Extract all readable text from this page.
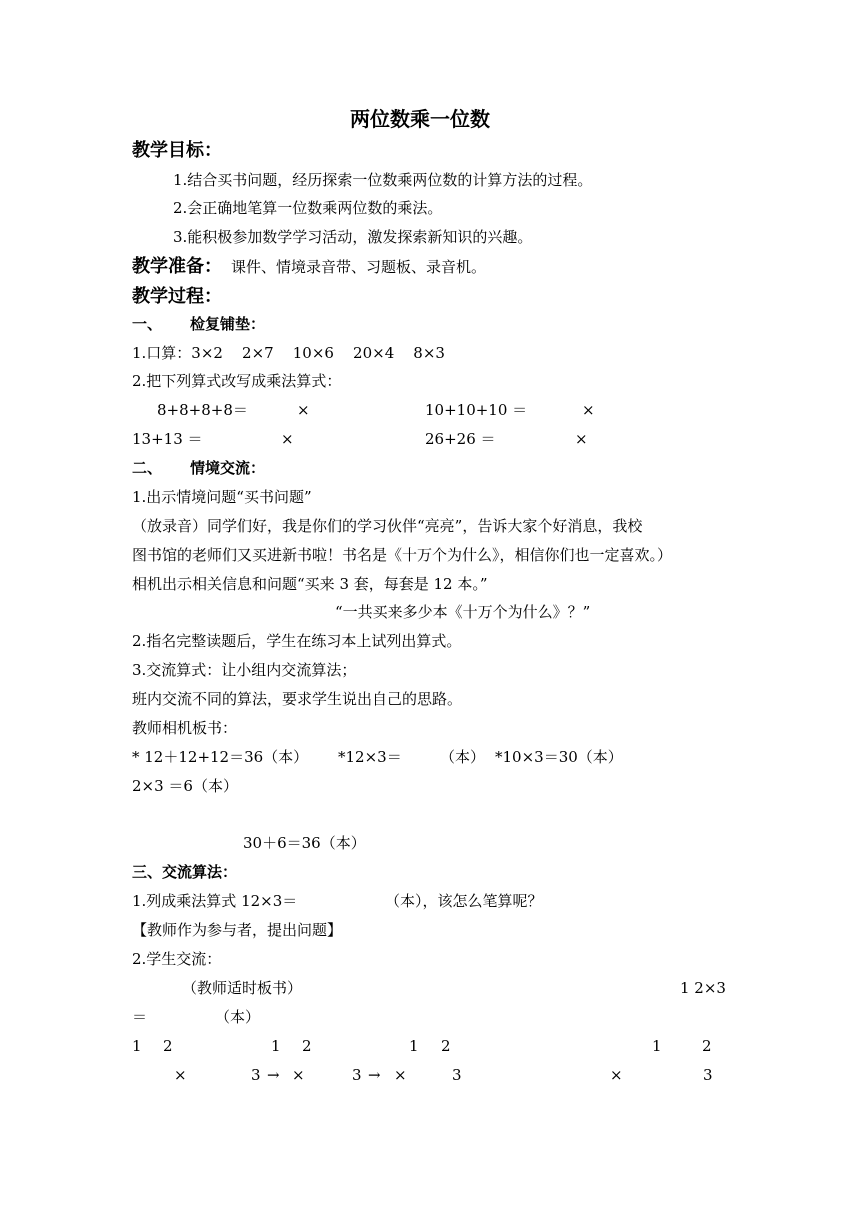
两位数乘一位数
教学目标：
1.结合买书问题，经历探索一位数乘两位数的计算方法的过程。
2.会正确地笔算一位数乘两位数的乘法。
3.能积极参加数学学习活动，激发探索新知识的兴趣。
教学准备： 课件、情境录音带、习题板、录音机。
教学过程：
一、 检复铺垫：
1.口算：3×2    2×7    10×6    20×4    8×3
2.把下列算式改写成乘法算式：
8+8+8+8＝	×	10+10+10 ＝	×
13+13 ＝	×	26+26 ＝	×
二、 情境交流：
1.出示情境问题“买书问题”
（放录音）同学们好，我是你们的学习伙伴“亮亮”，告诉大家个好消息，我校
图书馆的老师们又买进新书啦！书名是《十万个为什么》，相信你们也一定喜欢。）
相机出示相关信息和问题“买来 3 套，每套是 12 本。”
“一共买来多少本《十万个为什么》？”
2.指名完整读题后，学生在练习本上试列出算式。
3.交流算式：让小组内交流算法；
班内交流不同的算法，要求学生说出自己的思路。
教师相机板书：
* 12＋12+12＝36（本） *12×3＝	（本） *10×3＝30（本）
2×3 ＝6（本）
30＋6＝36（本）
三、交流算法：
1.列成乘法算式 12×3＝	（本），该怎么笔算呢？
【教师作为参与者，提出问题】
2.学生交流：
（教师适时板书）	1 2×3
＝	（本）
1 2	1 2	1 2	1	2
×	3 → ×	3 → ×	3	×	3
